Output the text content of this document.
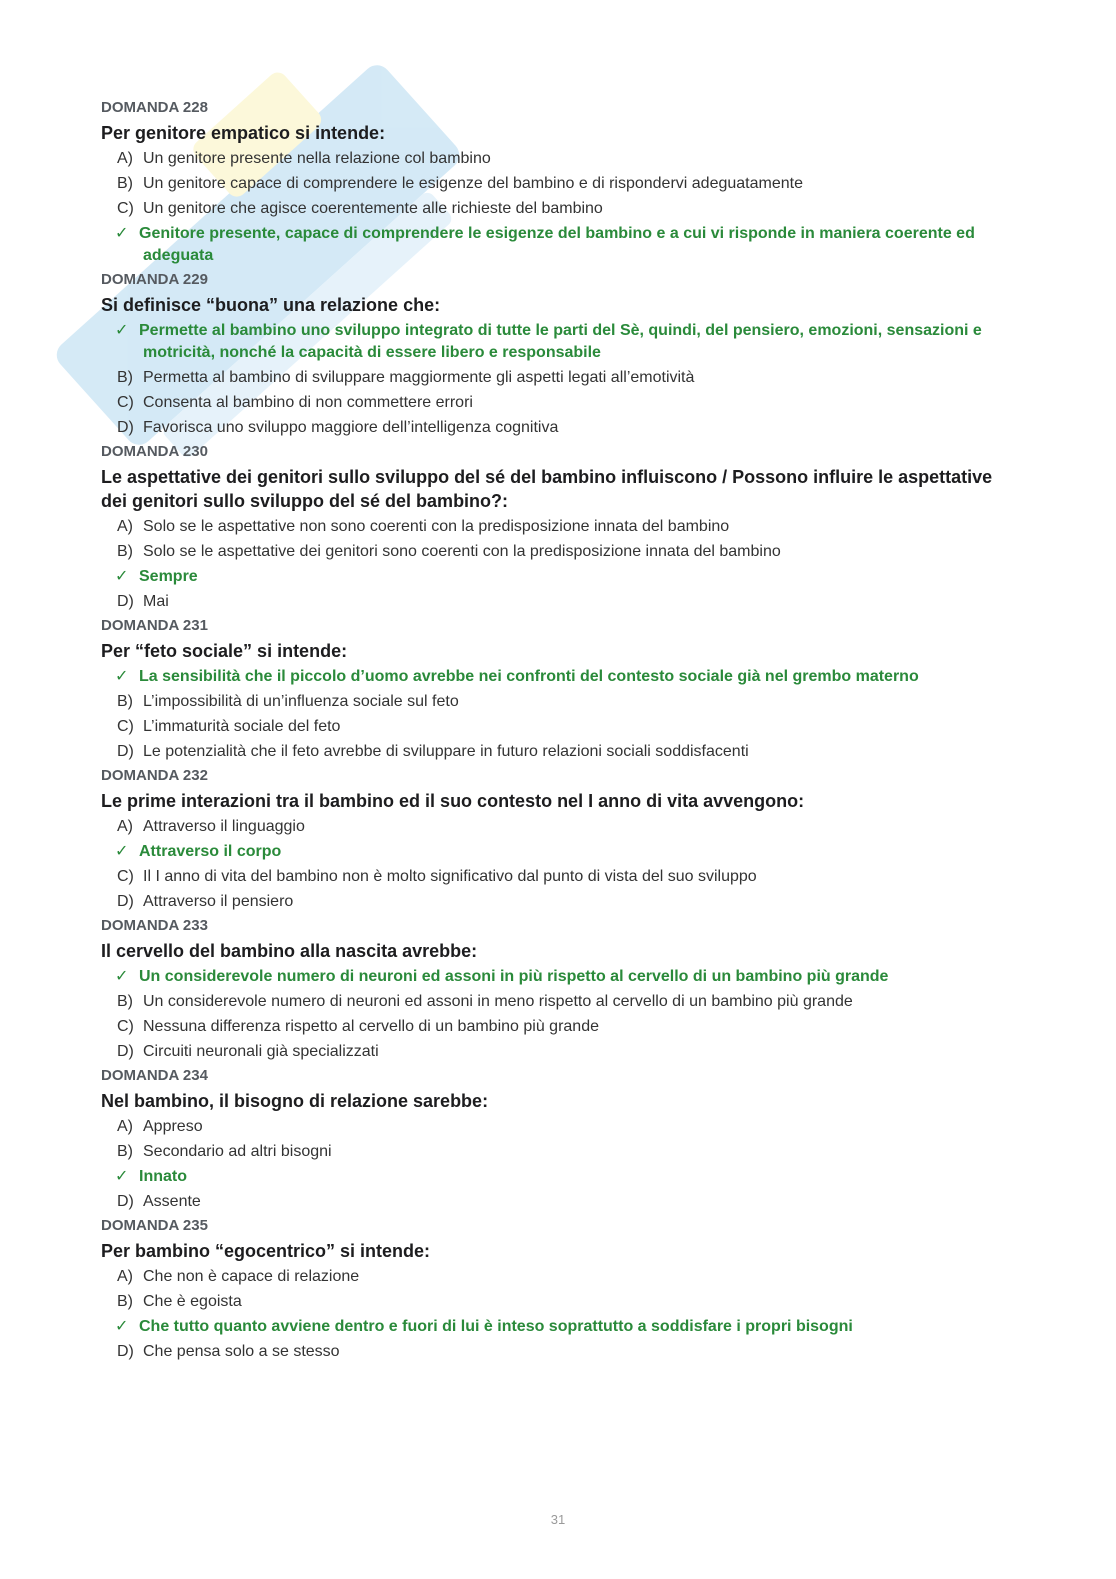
DOMANDA 228
Per genitore empatico si intende:
A) Un genitore presente nella relazione col bambino
B) Un genitore capace di comprendere le esigenze del bambino e di rispondervi adeguatamente
C) Un genitore che agisce coerentemente alle richieste del bambino
✓ Genitore presente, capace di comprendere le esigenze del bambino e a cui vi risponde in maniera coerente ed adeguata
DOMANDA 229
Si definisce “buona” una relazione che:
✓ Permette al bambino uno sviluppo integrato di tutte le parti del Sè, quindi, del pensiero, emozioni, sensazioni e motricità, nonché la capacità di essere libero e responsabile
B) Permetta al bambino di sviluppare maggiormente gli aspetti legati all’emotività
C) Consenta al bambino di non commettere errori
D) Favorisca uno sviluppo maggiore dell’intelligenza cognitiva
DOMANDA 230
Le aspettative dei genitori sullo sviluppo del sé del bambino influiscono / Possono influire le aspettative dei genitori sullo sviluppo del sé del bambino?:
A) Solo se le aspettative non sono coerenti con la predisposizione innata del bambino
B) Solo se le aspettative dei genitori sono coerenti con la predisposizione innata del bambino
✓ Sempre
D) Mai
DOMANDA 231
Per “feto sociale” si intende:
✓ La sensibilità che il piccolo d’uomo avrebbe nei confronti del contesto sociale già nel grembo materno
B) L’impossibilità di un’influenza sociale sul feto
C) L’immaturità sociale del feto
D) Le potenzialità che il feto avrebbe di sviluppare in futuro relazioni sociali soddisfacenti
DOMANDA 232
Le prime interazioni tra il bambino ed il suo contesto nel I anno di vita avvengono:
A) Attraverso il linguaggio
✓ Attraverso il corpo
C) Il I anno di vita del bambino non è molto significativo dal punto di vista del suo sviluppo
D) Attraverso il pensiero
DOMANDA 233
Il cervello del bambino alla nascita avrebbe:
✓ Un considerevole numero di neuroni ed assoni in più rispetto al cervello di un bambino più grande
B) Un considerevole numero di neuroni ed assoni in meno rispetto al cervello di un bambino più grande
C) Nessuna differenza rispetto al cervello di un bambino più grande
D) Circuiti neuronali già specializzati
DOMANDA 234
Nel bambino, il bisogno di relazione sarebbe:
A) Appreso
B) Secondario ad altri bisogni
✓ Innato
D) Assente
DOMANDA 235
Per bambino “egocentrico” si intende:
A) Che non è capace di relazione
B) Che è egoista
✓ Che tutto quanto avviene dentro e fuori di lui è inteso soprattutto a soddisfare i propri bisogni
D) Che pensa solo a se stesso
31
